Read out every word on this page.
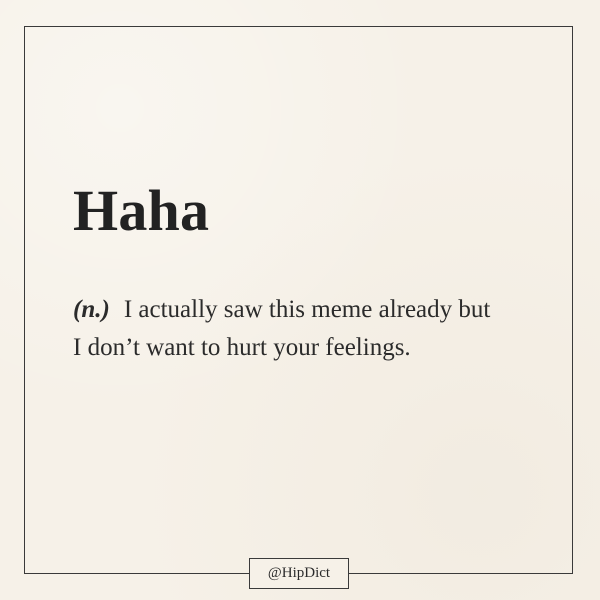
Haha

(n.) I actually saw this meme already but I don’t want to hurt your feelings.

@HipDict
